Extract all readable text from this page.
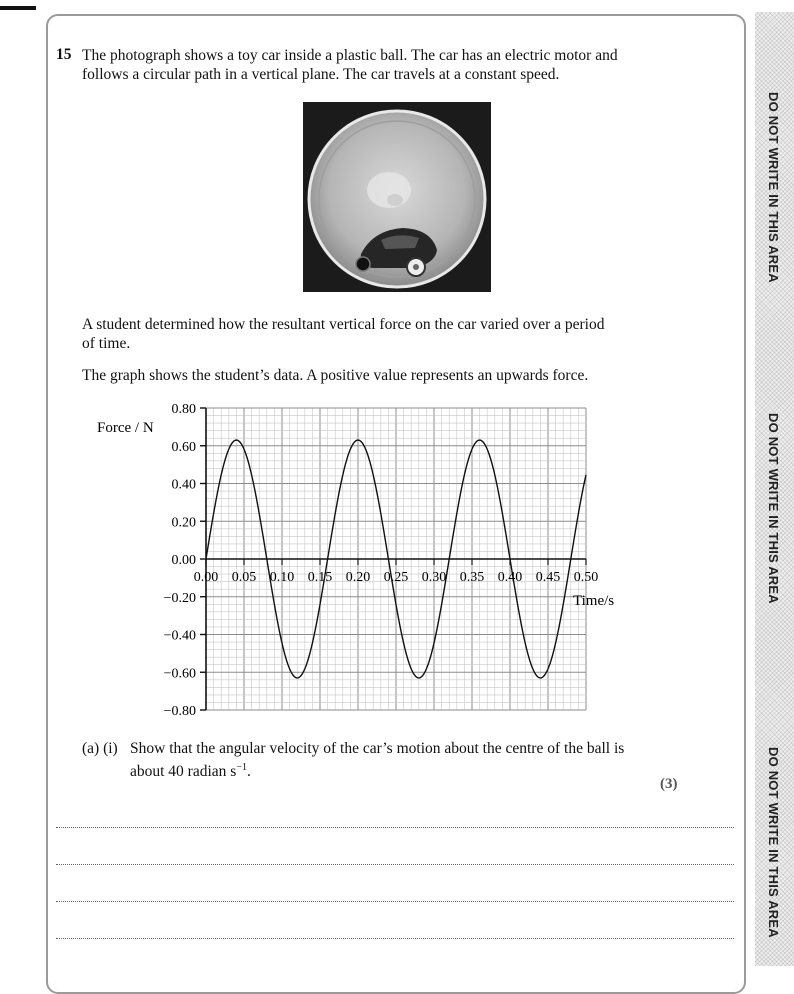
DO NOT WRITE IN THIS AREA
DO NOT WRITE IN THIS AREA
DO NOT WRITE IN THIS AREA
15 The photograph shows a toy car inside a plastic ball. The car has an electric motor and
follows a circular path in a vertical plane. The car travels at a constant speed.
A student determined how the resultant vertical force on the car varied over a period
of time.
The graph shows the student’s data. A positive value represents an upwards force.
0.80
0.60
0.40
0.20
0.00
−0.20
−0.40
−0.60
−0.80
0.00 0.05 0.10 0.15 0.20 0.25 0.30 0.35 0.40 0.45 0.50
Force / N
Time/s
(a) (i) Show that the angular velocity of the car’s motion about the centre of the ball is
about 40 radian $s^{-1}$.
(3)
